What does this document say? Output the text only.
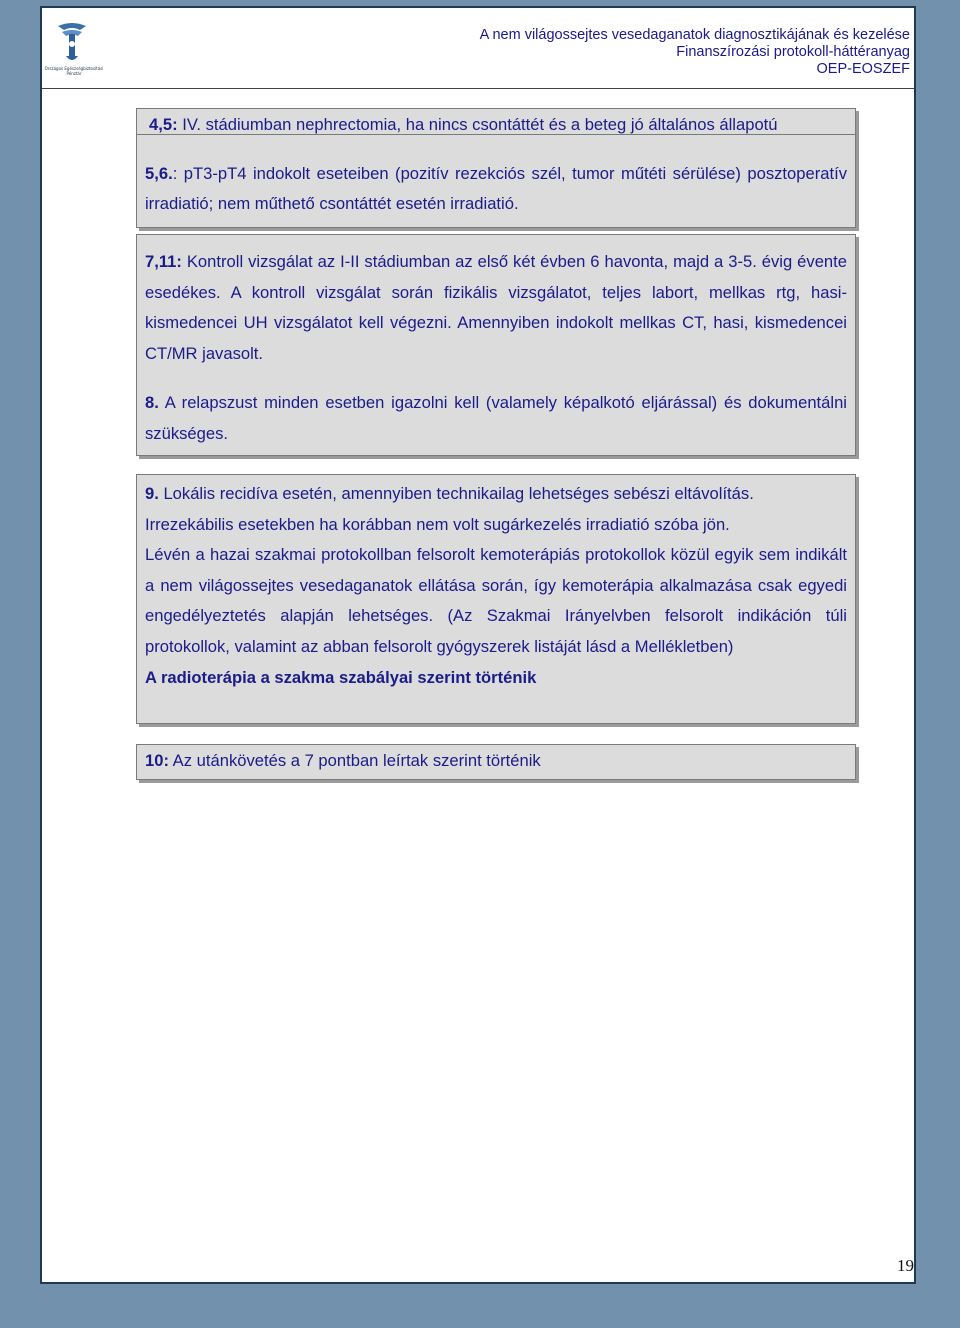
Országos Egészségbiztosítási Pénztár
A nem világossejtes vesedaganatok diagnosztikájának és kezelése
Finanszírozási protokoll-háttéranyag
OEP-EOSZEF

4,5: IV. stádiumban nephrectomia, ha nincs csontáttét és a beteg jó általános állapotú

5,6.: pT3-pT4 indokolt eseteiben (pozitív rezekciós szél, tumor műtéti sérülése) posztoperatív irradiatió; nem műthető csontáttét esetén irradiatió.

7,11: Kontroll vizsgálat az I-II stádiumban az első két évben 6 havonta, majd a 3-5. évig évente esedékes. A kontroll vizsgálat során fizikális vizsgálatot, teljes labort, mellkas rtg, hasi-kismedencei UH vizsgálatot kell végezni. Amennyiben indokolt mellkas CT, hasi, kismedencei CT/MR javasolt.

8. A relapszust minden esetben igazolni kell (valamely képalkotó eljárással) és dokumentálni szükséges.

9. Lokális recidíva esetén, amennyiben technikailag lehetséges sebészi eltávolítás.

Irrezekábilis esetekben ha korábban nem volt sugárkezelés irradiatió szóba jön.

Lévén a hazai szakmai protokollban felsorolt kemoterápiás protokollok közül egyik sem indikált a nem világossejtes vesedaganatok ellátása során, így kemoterápia alkalmazása csak egyedi engedélyeztetés alapján lehetséges. (Az Szakmai Irányelvben felsorolt indikáción túli protokollok, valamint az abban felsorolt gyógyszerek listáját lásd a Mellékletben)

A radioterápia a szakma szabályai szerint történik

10: Az utánkövetés a 7 pontban leírtak szerint történik

19
